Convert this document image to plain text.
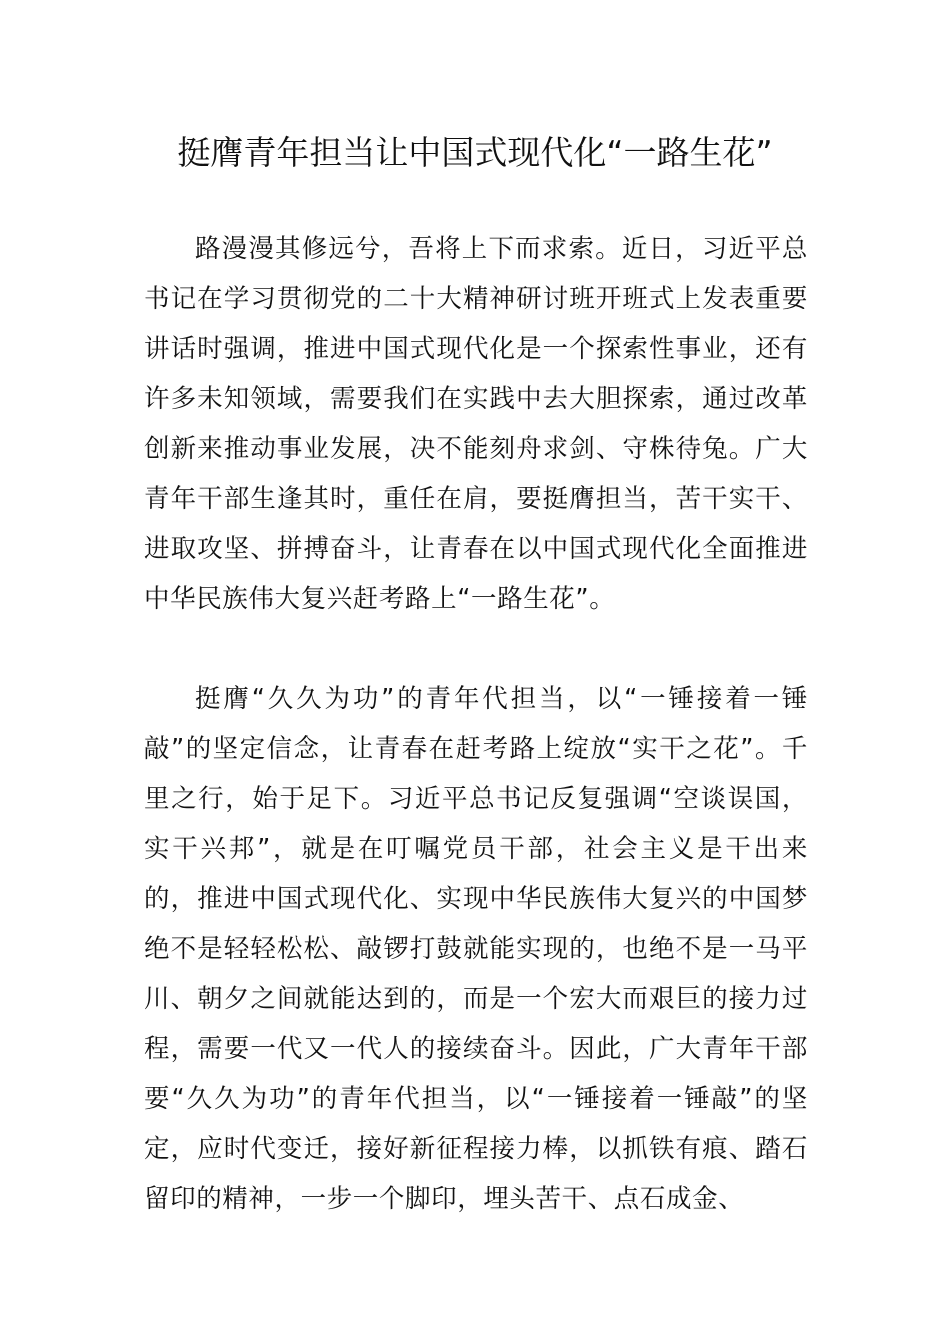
挺膺青年担当让中国式现代化“一路生花”

路漫漫其修远兮，吾将上下而求索。近日，习近平总书记在学习贯彻党的二十大精神研讨班开班式上发表重要讲话时强调，推进中国式现代化是一个探索性事业，还有许多未知领域，需要我们在实践中去大胆探索，通过改革创新来推动事业发展，决不能刻舟求剑、守株待兔。广大青年干部生逢其时，重任在肩，要挺膺担当，苦干实干、进取攻坚、拼搏奋斗，让青春在以中国式现代化全面推进中华民族伟大复兴赶考路上“一路生花”。

挺膺“久久为功”的青年代担当，以“一锤接着一锤敲”的坚定信念，让青春在赶考路上绽放“实干之花”。千里之行，始于足下。习近平总书记反复强调“空谈误国，实干兴邦”，就是在叮嘱党员干部，社会主义是干出来的，推进中国式现代化、实现中华民族伟大复兴的中国梦绝不是轻轻松松、敲锣打鼓就能实现的，也绝不是一马平川、朝夕之间就能达到的，而是一个宏大而艰巨的接力过程，需要一代又一代人的接续奋斗。因此，广大青年干部要“久久为功”的青年代担当，以“一锤接着一锤敲”的坚定，应时代变迁，接好新征程接力棒，以抓铁有痕、踏石留印的精神，一步一个脚印，埋头苦干、点石成金、
